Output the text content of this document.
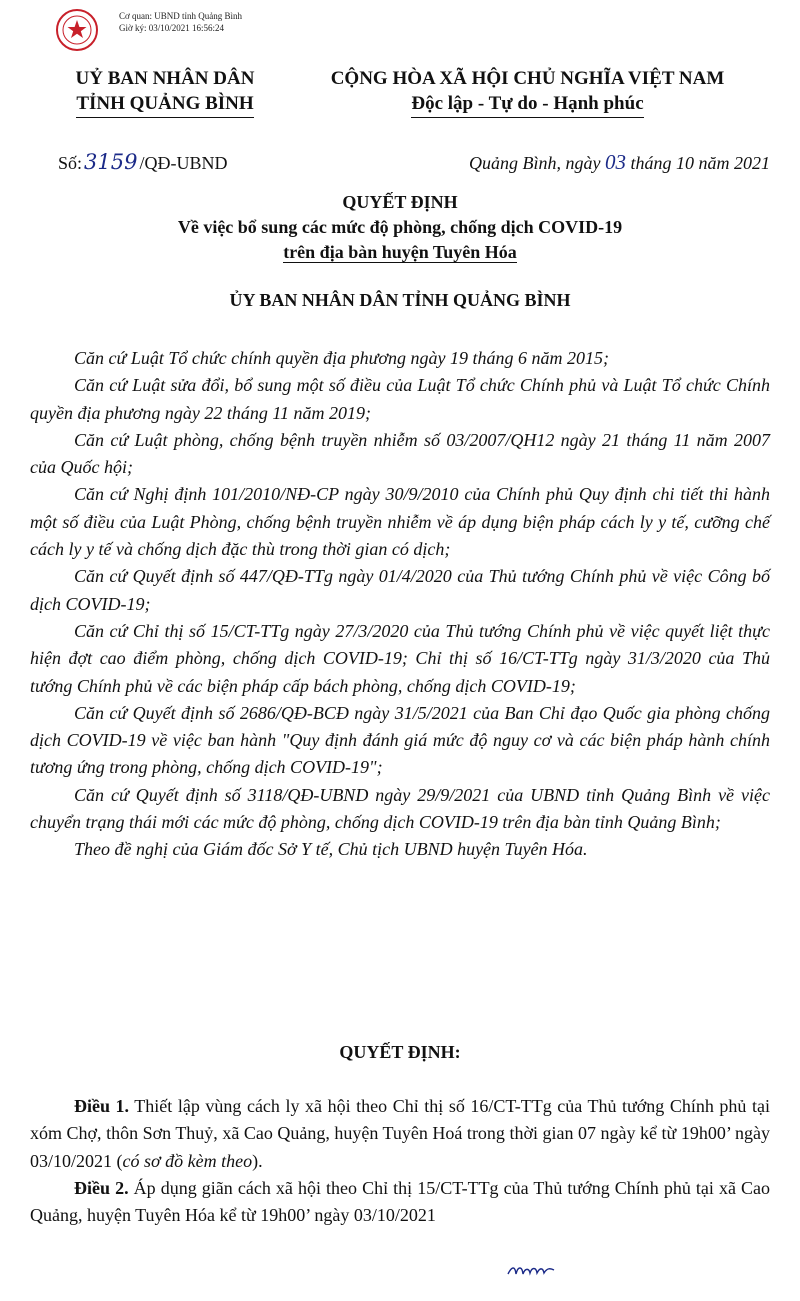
Cơ quan: UBND tỉnh Quảng Bình
Giờ ký: 03/10/2021 16:56:24
UỶ BAN NHÂN DÂN
TỈNH QUẢNG BÌNH
CỘNG HÒA XÃ HỘI CHỦ NGHĨA VIỆT NAM
Độc lập - Tự do - Hạnh phúc
Số:3159 /QĐ-UBND	Quảng Bình, ngày 03 tháng 10 năm 2021
QUYẾT ĐỊNH
Về việc bổ sung các mức độ phòng, chống dịch COVID-19
trên địa bàn huyện Tuyên Hóa
ỦY BAN NHÂN DÂN TỈNH QUẢNG BÌNH

Căn cứ Luật Tổ chức chính quyền địa phương ngày 19 tháng 6 năm 2015;

Căn cứ Luật sửa đổi, bổ sung một số điều của Luật Tổ chức Chính phủ và Luật Tổ chức Chính quyền địa phương ngày 22 tháng 11 năm 2019;

Căn cứ Luật phòng, chống bệnh truyền nhiễm số 03/2007/QH12 ngày 21 tháng 11 năm 2007 của Quốc hội;

Căn cứ Nghị định 101/2010/NĐ-CP ngày 30/9/2010 của Chính phủ Quy định chi tiết thi hành một số điều của Luật Phòng, chống bệnh truyền nhiễm về áp dụng biện pháp cách ly y tế, cưỡng chế cách ly y tế và chống dịch đặc thù trong thời gian có dịch;

Căn cứ Quyết định số 447/QĐ-TTg ngày 01/4/2020 của Thủ tướng Chính phủ về việc Công bố dịch COVID-19;

Căn cứ Chỉ thị số 15/CT-TTg ngày 27/3/2020 của Thủ tướng Chính phủ về việc quyết liệt thực hiện đợt cao điểm phòng, chống dịch COVID-19; Chỉ thị số 16/CT-TTg ngày 31/3/2020 của Thủ tướng Chính phủ về các biện pháp cấp bách phòng, chống dịch COVID-19;

Căn cứ Quyết định số 2686/QĐ-BCĐ ngày 31/5/2021 của Ban Chỉ đạo Quốc gia phòng chống dịch COVID-19 về việc ban hành "Quy định đánh giá mức độ nguy cơ và các biện pháp hành chính tương ứng trong phòng, chống dịch COVID-19";

Căn cứ Quyết định số 3118/QĐ-UBND ngày 29/9/2021 của UBND tỉnh Quảng Bình về việc chuyển trạng thái mới các mức độ phòng, chống dịch COVID-19 trên địa bàn tỉnh Quảng Bình;

Theo đề nghị của Giám đốc Sở Y tế, Chủ tịch UBND huyện Tuyên Hóa.

QUYẾT ĐỊNH:

Điều 1. Thiết lập vùng cách ly xã hội theo Chỉ thị số 16/CT-TTg của Thủ tướng Chính phủ tại xóm Chợ, thôn Sơn Thuỷ, xã Cao Quảng, huyện Tuyên Hoá trong thời gian 07 ngày kể từ 19h00’ ngày 03/10/2021 (có sơ đồ kèm theo).

Điều 2. Áp dụng giãn cách xã hội theo Chỉ thị 15/CT-TTg của Thủ tướng Chính phủ tại xã Cao Quảng, huyện Tuyên Hóa kể từ 19h00’ ngày 03/10/2021
